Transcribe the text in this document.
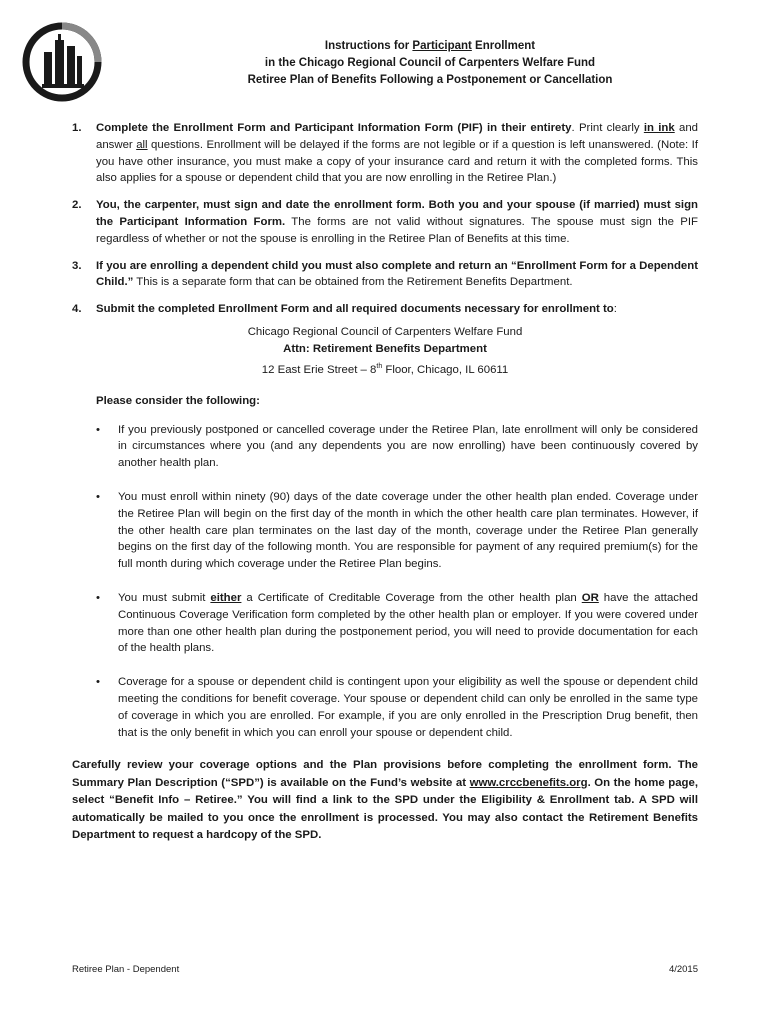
Instructions for Participant Enrollment
in the Chicago Regional Council of Carpenters Welfare Fund
Retiree Plan of Benefits Following a Postponement or Cancellation
1. Complete the Enrollment Form and Participant Information Form (PIF) in their entirety. Print clearly in ink and answer all questions. Enrollment will be delayed if the forms are not legible or if a question is left unanswered. (Note: If you have other insurance, you must make a copy of your insurance card and return it with the completed forms. This also applies for a spouse or dependent child that you are now enrolling in the Retiree Plan.)
2. You, the carpenter, must sign and date the enrollment form. Both you and your spouse (if married) must sign the Participant Information Form. The forms are not valid without signatures. The spouse must sign the PIF regardless of whether or not the spouse is enrolling in the Retiree Plan of Benefits at this time.
3. If you are enrolling a dependent child you must also complete and return an “Enrollment Form for a Dependent Child.” This is a separate form that can be obtained from the Retirement Benefits Department.
4. Submit the completed Enrollment Form and all required documents necessary for enrollment to:
Chicago Regional Council of Carpenters Welfare Fund
Attn: Retirement Benefits Department
12 East Erie Street – 8th Floor, Chicago, IL 60611
Please consider the following:
• If you previously postponed or cancelled coverage under the Retiree Plan, late enrollment will only be considered in circumstances where you (and any dependents you are now enrolling) have been continuously covered by another health plan.
• You must enroll within ninety (90) days of the date coverage under the other health plan ended. Coverage under the Retiree Plan will begin on the first day of the month in which the other health care plan terminates. However, if the other health care plan terminates on the last day of the month, coverage under the Retiree Plan generally begins on the first day of the following month. You are responsible for payment of any required premium(s) for the full month during which coverage under the Retiree Plan begins.
• You must submit either a Certificate of Creditable Coverage from the other health plan OR have the attached Continuous Coverage Verification form completed by the other health plan or employer. If you were covered under more than one other health plan during the postponement period, you will need to provide documentation for each of the health plans.
• Coverage for a spouse or dependent child is contingent upon your eligibility as well the spouse or dependent child meeting the conditions for benefit coverage. Your spouse or dependent child can only be enrolled in the same type of coverage in which you are enrolled. For example, if you are only enrolled in the Prescription Drug benefit, then that is the only benefit in which you can enroll your spouse or dependent child.
Carefully review your coverage options and the Plan provisions before completing the enrollment form. The Summary Plan Description (“SPD”) is available on the Fund’s website at www.crccbenefits.org. On the home page, select “Benefit Info – Retiree.” You will find a link to the SPD under the Eligibility & Enrollment tab. A SPD will automatically be mailed to you once the enrollment is processed. You may also contact the Retirement Benefits Department to request a hardcopy of the SPD.
Retiree Plan - Dependent	4/2015
